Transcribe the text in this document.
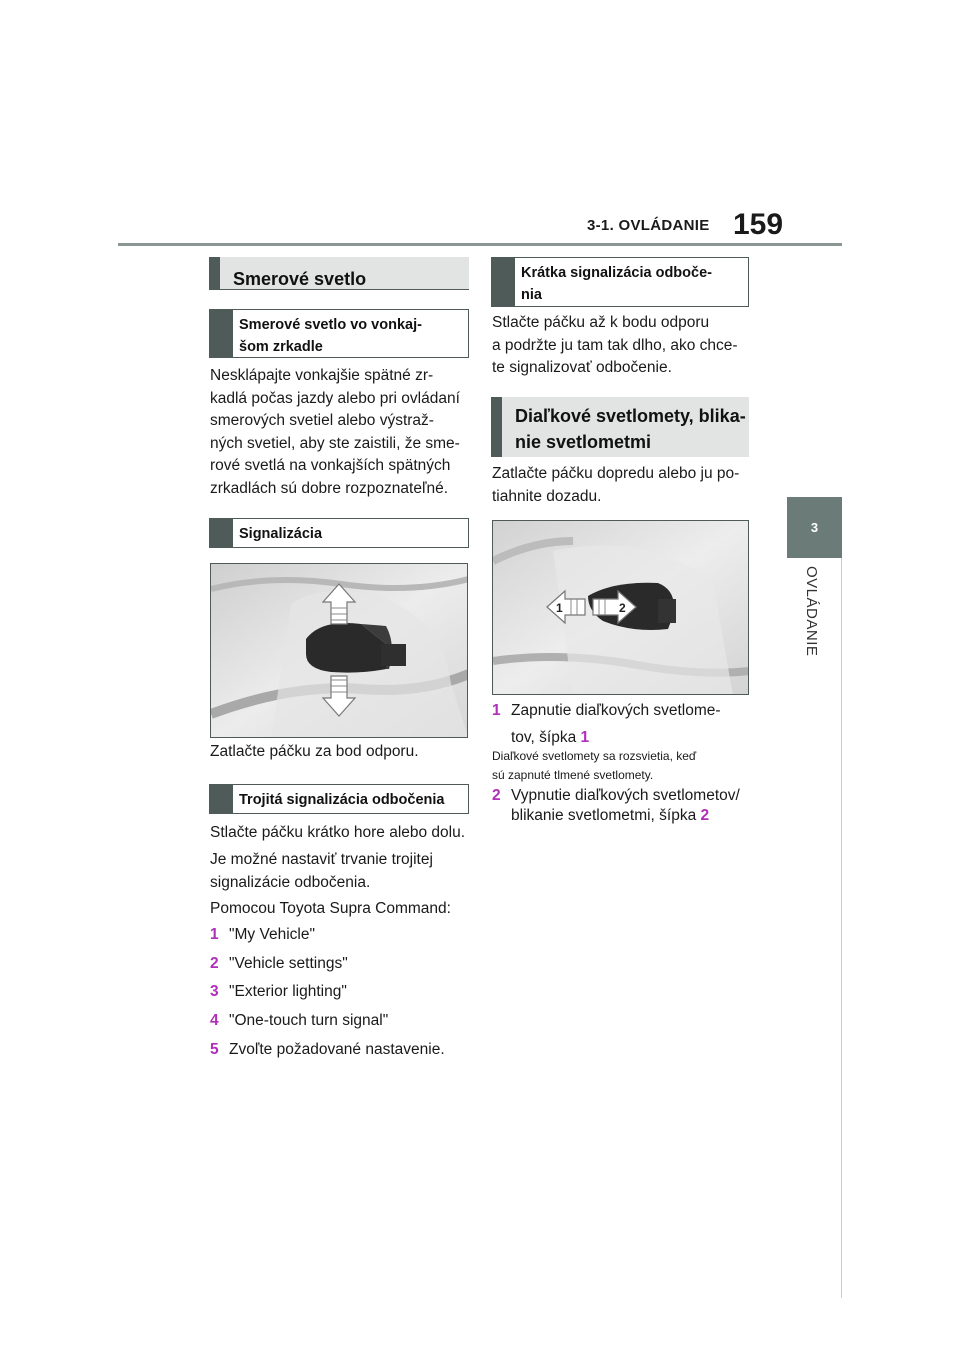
3-1. OVLÁDANIE 159
3
OVLÁDANIE
Smerové svetlo
Smerové svetlo vo vonkaj-
šom zrkadle
Nesklápajte vonkajšie spätné zr-
kadlá počas jazdy alebo pri ovládaní
smerových svetiel alebo výstraž-
ných svetiel, aby ste zaistili, že sme-
rové svetlá na vonkajších spätných
zrkadlách sú dobre rozpoznateľné.
Signalizácia
Zatlačte páčku za bod odporu.
Trojitá signalizácia odbočenia
Stlačte páčku krátko hore alebo dolu.
Je možné nastaviť trvanie trojitej
signalizácie odbočenia.
Pomocou Toyota Supra Command:
1 "My Vehicle"
2 "Vehicle settings"
3 "Exterior lighting"
4 "One-touch turn signal"
5 Zvoľte požadované nastavenie.
Krátka signalizácia odboče-
nia
Stlačte páčku až k bodu odporu
a podržte ju tam tak dlho, ako chce-
te signalizovať odbočenie.
Diaľkové svetlomety, blika-
nie svetlometmi
Zatlačte páčku dopredu alebo ju po-
tiahnite dozadu.
1	2
1 Zapnutie diaľkových svetlome-
tov, šípka 1
Diaľkové svetlomety sa rozsvietia, keď
sú zapnuté tlmené svetlomety.
2 Vypnutie diaľkových svetlometov/
blikanie svetlometmi, šípka 2
